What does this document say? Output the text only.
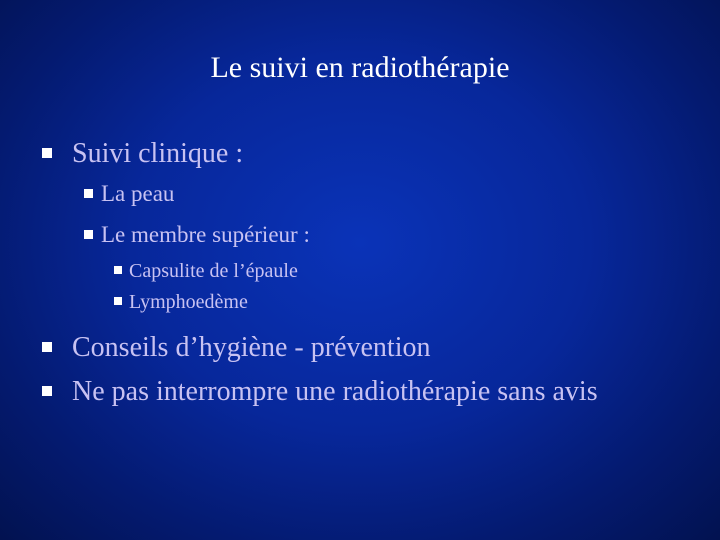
Le suivi en radiothérapie
Suivi clinique :
La peau
Le membre supérieur :
Capsulite de l’épaule
Lymphoedème
Conseils d’hygiène - prévention
Ne pas interrompre une radiothérapie sans avis
